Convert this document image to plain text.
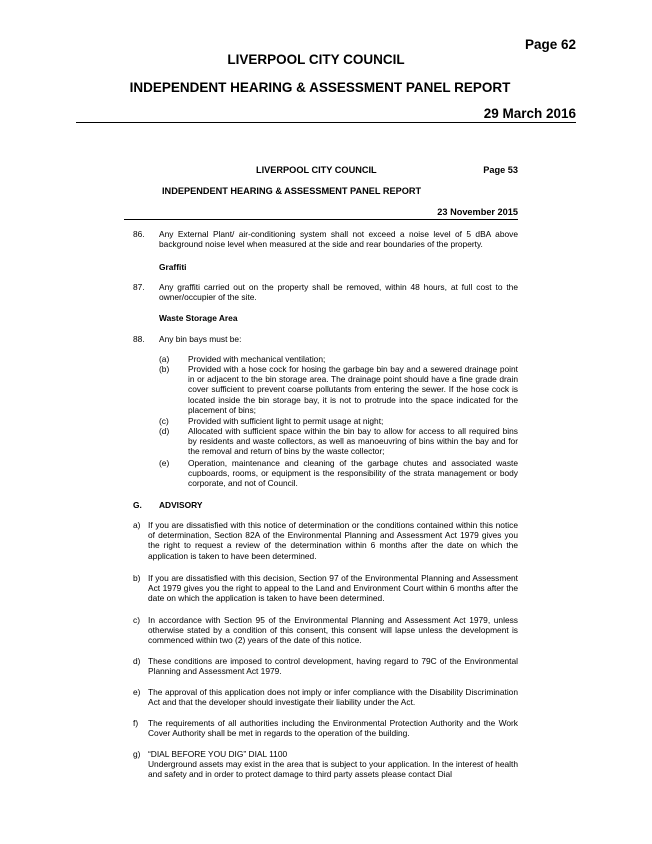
Page 62
LIVERPOOL CITY COUNCIL
INDEPENDENT HEARING & ASSESSMENT PANEL REPORT
29 March 2016
LIVERPOOL CITY COUNCIL	Page 53
INDEPENDENT HEARING & ASSESSMENT PANEL REPORT
23 November 2015
86. Any External Plant/ air-conditioning system shall not exceed a noise level of 5 dBA above background noise level when measured at the side and rear boundaries of the property.
Graffiti
87. Any graffiti carried out on the property shall be removed, within 48 hours, at full cost to the owner/occupier of the site.
Waste Storage Area
88. Any bin bays must be:
(a) Provided with mechanical ventilation;
(b) Provided with a hose cock for hosing the garbage bin bay and a sewered drainage point in or adjacent to the bin storage area. The drainage point should have a fine grade drain cover sufficient to prevent coarse pollutants from entering the sewer. If the hose cock is located inside the bin storage bay, it is not to protrude into the space indicated for the placement of bins;
(c) Provided with sufficient light to permit usage at night;
(d) Allocated with sufficient space within the bin bay to allow for access to all required bins by residents and waste collectors, as well as manoeuvring of bins within the bay and for the removal and return of bins by the waste collector;
(e) Operation, maintenance and cleaning of the garbage chutes and associated waste cupboards, rooms, or equipment is the responsibility of the strata management or body corporate, and not of Council.
G. ADVISORY
a) If you are dissatisfied with this notice of determination or the conditions contained within this notice of determination, Section 82A of the Environmental Planning and Assessment Act 1979 gives you the right to request a review of the determination within 6 months after the date on which the application is taken to have been determined.
b) If you are dissatisfied with this decision, Section 97 of the Environmental Planning and Assessment Act 1979 gives you the right to appeal to the Land and Environment Court within 6 months after the date on which the application is taken to have been determined.
c) In accordance with Section 95 of the Environmental Planning and Assessment Act 1979, unless otherwise stated by a condition of this consent, this consent will lapse unless the development is commenced within two (2) years of the date of this notice.
d) These conditions are imposed to control development, having regard to 79C of the Environmental Planning and Assessment Act 1979.
e) The approval of this application does not imply or infer compliance with the Disability Discrimination Act and that the developer should investigate their liability under the Act.
f) The requirements of all authorities including the Environmental Protection Authority and the Work Cover Authority shall be met in regards to the operation of the building.
g) “DIAL BEFORE YOU DIG” DIAL 1100
Underground assets may exist in the area that is subject to your application. In the interest of health and safety and in order to protect damage to third party assets please contact Dial
